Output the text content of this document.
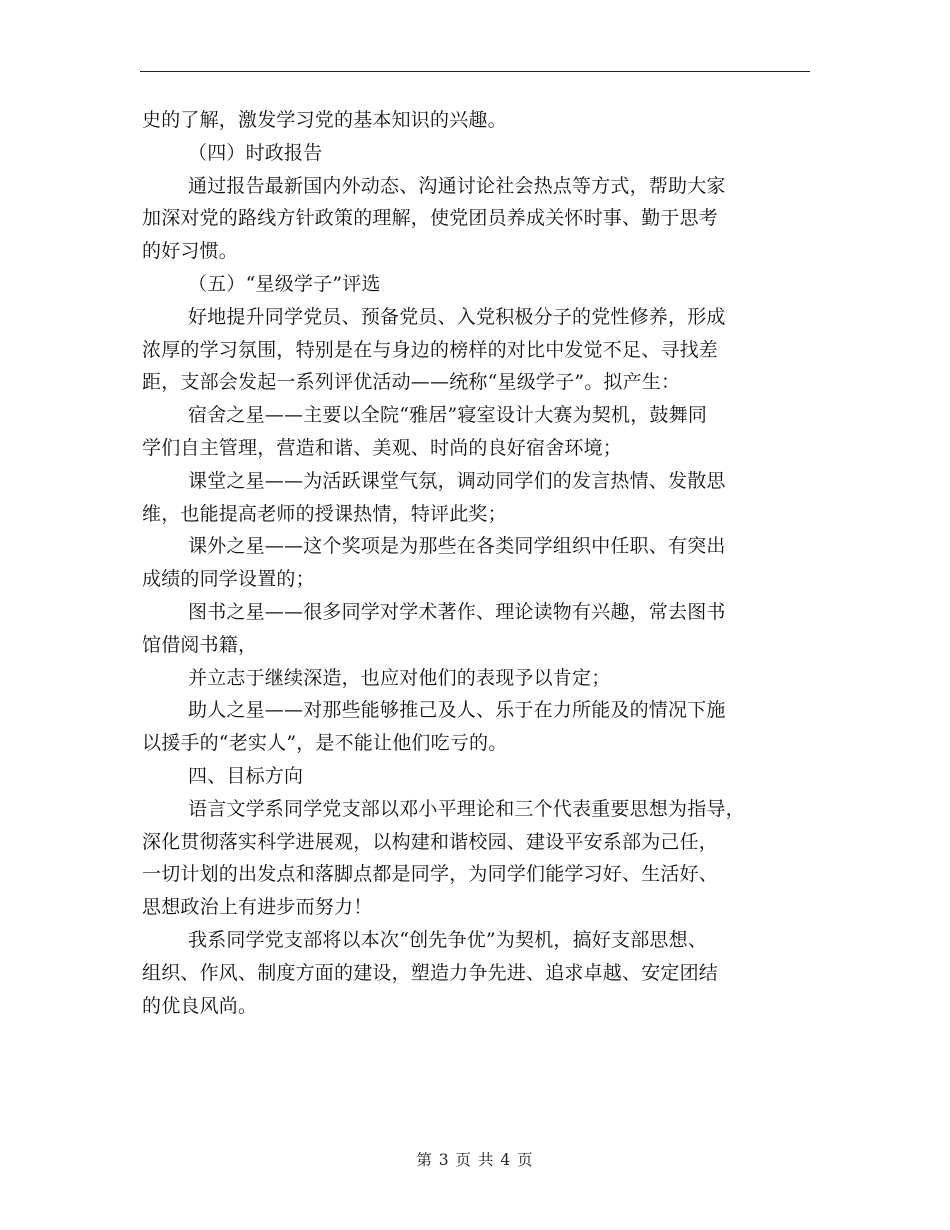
史的了解，激发学习党的基本知识的兴趣。

（四）时政报告

通过报告最新国内外动态、沟通讨论社会热点等方式，帮助大家

加深对党的路线方针政策的理解，使党团员养成关怀时事、勤于思考

的好习惯。

（五）“星级学子”评选

好地提升同学党员、预备党员、入党积极分子的党性修养，形成

浓厚的学习氛围，特别是在与身边的榜样的对比中发觉不足、寻找差

距，支部会发起一系列评优活动——统称“星级学子”。拟产生：

宿舍之星——主要以全院“雅居”寝室设计大赛为契机，鼓舞同

学们自主管理，营造和谐、美观、时尚的良好宿舍环境；

课堂之星——为活跃课堂气氛，调动同学们的发言热情、发散思

维，也能提高老师的授课热情，特评此奖；

课外之星——这个奖项是为那些在各类同学组织中任职、有突出

成绩的同学设置的；

图书之星——很多同学对学术著作、理论读物有兴趣，常去图书

馆借阅书籍，

并立志于继续深造，也应对他们的表现予以肯定；

助人之星——对那些能够推己及人、乐于在力所能及的情况下施

以援手的“老实人”，是不能让他们吃亏的。

四、目标方向

语言文学系同学党支部以邓小平理论和三个代表重要思想为指导，

深化贯彻落实科学进展观，以构建和谐校园、建设平安系部为己任，

一切计划的出发点和落脚点都是同学，为同学们能学习好、生活好、

思想政治上有进步而努力！

我系同学党支部将以本次“创先争优”为契机，搞好支部思想、

组织、作风、制度方面的建设，塑造力争先进、追求卓越、安定团结

的优良风尚。

第 3 页 共 4 页
